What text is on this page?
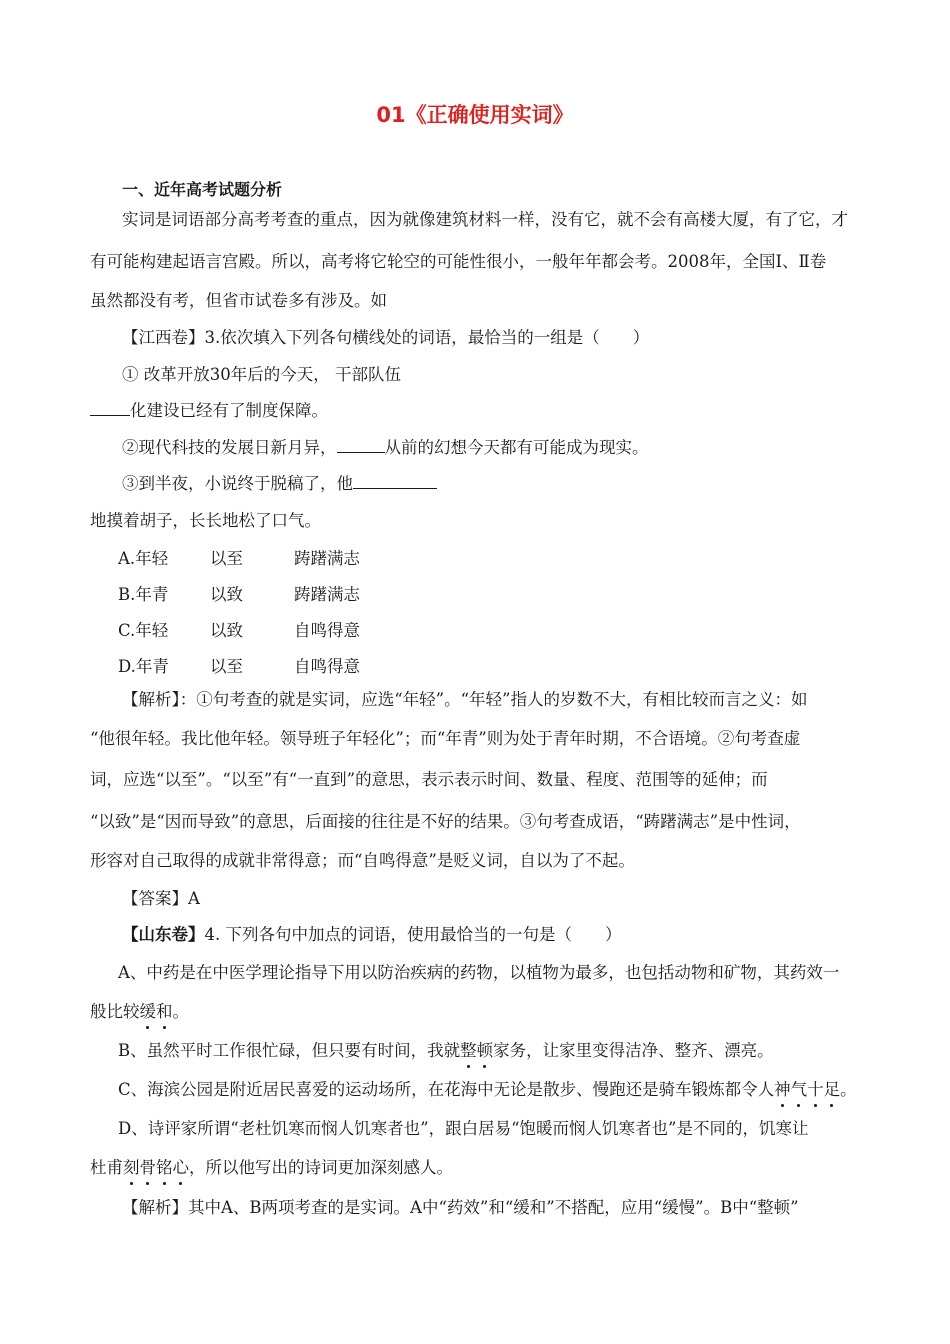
01《正确使用实词》
一、近年高考试题分析
实词是词语部分高考考查的重点，因为就像建筑材料一样，没有它，就不会有高楼大厦，有了它，才
有可能构建起语言宫殿。所以，高考将它轮空的可能性很小，一般年年都会考。2008年，全国Ⅰ、Ⅱ卷
虽然都没有考，但省市试卷多有涉及。如
【江西卷】3.依次填入下列各句横线处的词语，最恰当的一组是（　　）
① 改革开放30年后的今天， 干部队伍
化建设已经有了制度保障。
②现代科技的发展日新月异，	从前的幻想今天都有可能成为现实。
③到半夜，小说终于脱稿了，他
地摸着胡子，长长地松了口气。
A.年轻	以至	踌躇满志
B.年青	以致	踌躇满志
C.年轻	以致	自鸣得意
D.年青 以至	自鸣得意
【解析】：①句考查的就是实词，应选“年轻”。“年轻”指人的岁数不大，有相比较而言之义：如
“他很年轻。我比他年轻。领导班子年轻化”；而“年青”则为处于青年时期，不合语境。②句考查虚
词，应选“以至”。“以至”有“一直到”的意思，表示表示时间、数量、程度、范围等的延伸；而
“以致”是“因而导致”的意思，后面接的往往是不好的结果。③句考查成语，“踌躇满志”是中性词，
形容对自己取得的成就非常得意；而“自鸣得意”是贬义词，自以为了不起。
【答案】A
【山东卷】4. 下列各句中加点的词语，使用最恰当的一句是（　　）
A、中药是在中医学理论指导下用以防治疾病的药物，以植物为最多，也包括动物和矿物，其药效一
般比较缓和。
B、虽然平时工作很忙碌，但只要有时间，我就整顿家务，让家里变得洁净、整齐、漂亮。
C、海滨公园是附近居民喜爱的运动场所，在花海中无论是散步、慢跑还是骑车锻炼都令人神气十足。
D、诗评家所谓“老杜饥寒而悯人饥寒者也”，跟白居易“饱暖而悯人饥寒者也”是不同的，饥寒让
杜甫刻骨铭心，所以他写出的诗词更加深刻感人。
【解析】其中A、B两项考查的是实词。A中“药效”和“缓和”不搭配，应用“缓慢”。B中“整顿”
